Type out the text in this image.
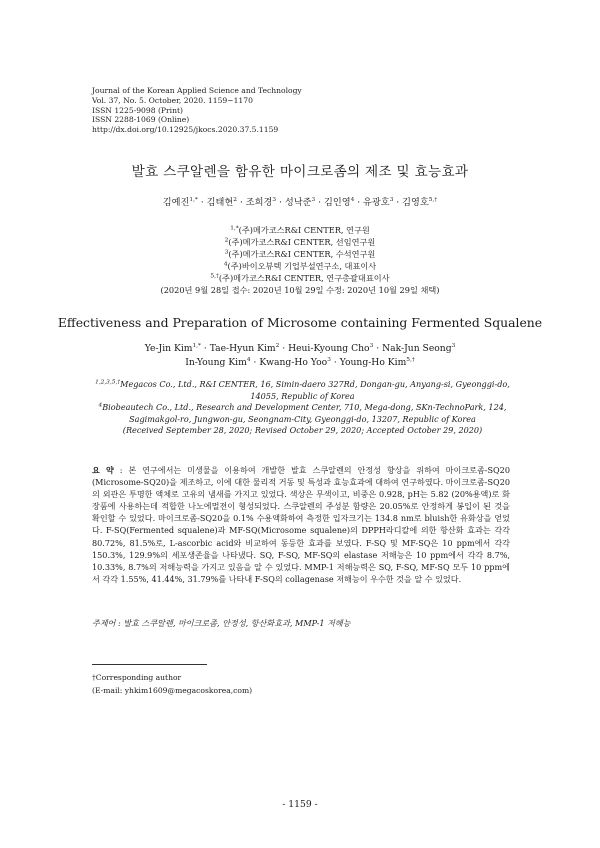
Journal of the Korean Applied Science and Technology
Vol. 37, No. 5. October, 2020. 1159~1170
ISSN 1225-9098 (Print)
ISSN 2288-1069 (Online)
http://dx.doi.org/10.12925/jkocs.2020.37.5.1159
발효 스쿠알렌을 함유한 마이크로좀의 제조 및 효능효과
김예진$^{1,*}$ · 김태현$^2$ · 조희경$^3$ · 성낙준$^3$ · 김인영$^4$ · 유광호$^3$ · 김영호$^{5,\dagger}$
$^{1,*}$(주)메가코스R&I CENTER, 연구원
$^2$(주)메가코스R&I CENTER, 선임연구원
$^3$(주)메가코스R&I CENTER, 수석연구원
$^4$(주)바이오뷰텍 기업부설연구소, 대표이사
$^{5,\dagger}$(주)메가코스R&I CENTER, 연구총괄대표이사
(2020년 9월 28일 접수: 2020년 10월 29일 수정: 2020년 10월 29일 채택)
Effectiveness and Preparation of Microsome containing Fermented Squalene
Ye-Jin Kim$^{1,*}$ · Tae-Hyun Kim$^2$ · Heui-Kyoung Cho$^3$ · Nak-Jun Seong$^3$
In-Young Kim$^4$ · Kwang-Ho Yoo$^3$ · Young-Ho Kim$^{5,\dagger}$
$^{1,2,3,5,\dagger}$Megacos Co., Ltd., R&I CENTER, 16, Simin-daero 327Rd, Dongan-gu, Anyang-si, Gyeonggi-do, 14055, Republic of Korea
$^4$Biobeautech Co., Ltd., Research and Development Center, 710, Mega-dong, SKn-TechnoPark, 124, Sagimakgol-ro, Jungwon-gu, Seongnam-City, Gyeonggi-do, 13207, Republic of Korea
(Received September 28, 2020; Revised October 29, 2020; Accepted October 29, 2020)
요 약 : 본 연구에서는 미생물을 이용하여 개발한 발효 스쿠알렌의 안정성 향상을 위하여 마이크로좀-SQ20 (Microsome-SQ20)을 제조하고, 이에 대한 물리적 거동 및 특성과 효능효과에 대하여 연구하였다. 마이크로좀-SQ20의 외관은 투명한 액체로 고유의 냄새를 가지고 있었다. 색상은 무색이고, 비중은 0.928, pH는 5.82 (20%용액)로 화장품에 사용하는데 적합한 나노에멀젼이 형성되었다. 스쿠알렌의 주성분 함량은 20.05%로 안정하게 봉입이 된 것을 확인할 수 있었다. 마이크로좀-SQ20을 0.1% 수용액화하여 측정한 입자크기는 134.8 nm로 bluish한 유화상을 얻었다. F-SQ(Fermented squalene)과 MF-SQ(Microsome squalene)의 DPPH라디칼에 의한 항산화 효과는 각각 80.72%, 81.5%로, L-ascorbic acid와 비교하여 동등한 효과를 보였다. F-SQ 및 MF-SQ은 10 ppm에서 각각 150.3%, 129.9%의 세포생존율을 나타냈다. SQ, F-SQ, MF-SQ의 elastase 저해능은 10 ppm에서 각각 8.7%, 10.33%, 8.7%의 저해능력을 가지고 있음을 알 수 있었다. MMP-1 저해능력은 SQ, F-SQ, MF-SQ 모두 10 ppm에서 각각 1.55%, 41.44%, 31.79%를 나타내 F-SQ의 collagenase 저해능이 우수한 것을 알 수 있었다.
주제어 : 발효 스쿠알렌, 마이크로좀, 안정성, 항산화효과, MMP-1 저해능
†Corresponding author
(E-mail: yhkim1609@megacoskorea,com)
- 1159 -
